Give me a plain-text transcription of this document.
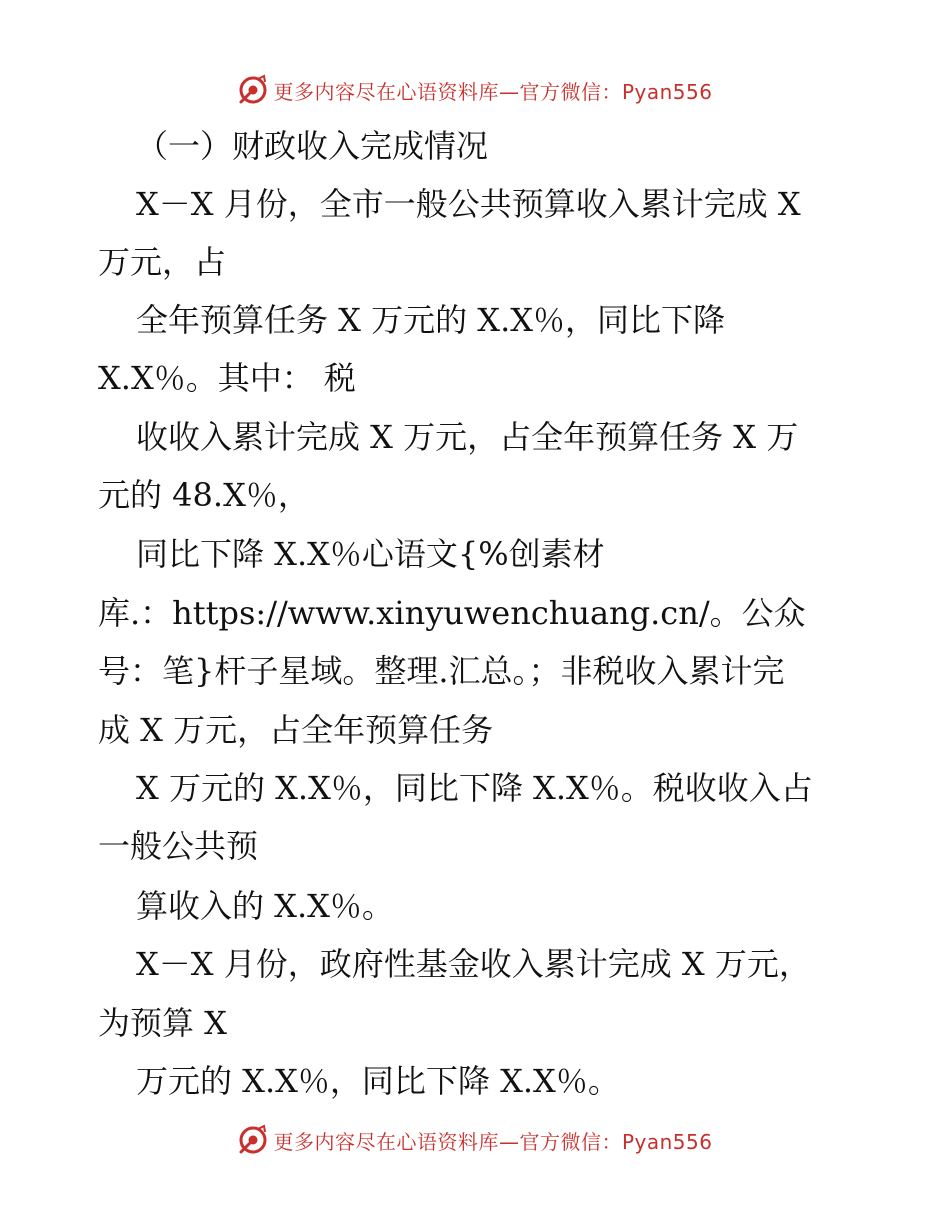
更多内容尽在心语资料库—官方微信：Pyan556

（一）财政收入完成情况

X－X 月份，全市一般公共预算收入累计完成 X

万元，占

全年预算任务 X 万元的 X.X％，同比下降

X.X％。其中： 税

收收入累计完成 X 万元，占全年预算任务 X 万

元的 48.X％，

同比下降 X.X％心语文{%创素材

库.：https://www.xinyuwenchuang.cn/。公众

号：笔}杆子星域。整理.汇总。；非税收入累计完

成 X 万元，占全年预算任务

X 万元的 X.X％，同比下降 X.X％。税收收入占

一般公共预

算收入的 X.X％。

X－X 月份，政府性基金收入累计完成 X 万元，

为预算 X

万元的 X.X％，同比下降 X.X％。

更多内容尽在心语资料库—官方微信：Pyan556
